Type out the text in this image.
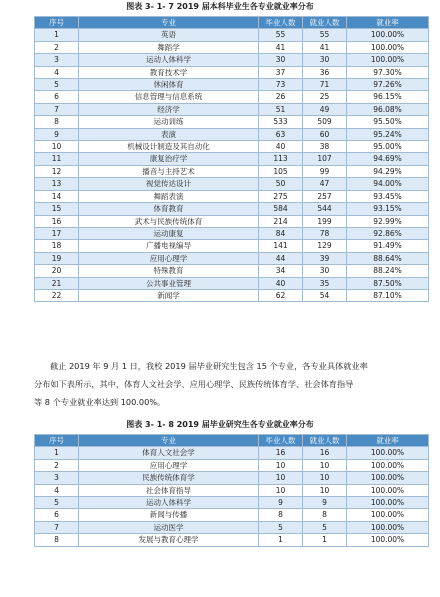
图表 3- 1- 7 2019 届本科毕业生各专业就业率分布
序号	专业	毕业人数	就业人数	就业率
1	英语	55	55	100.00%
2	舞蹈学	41	41	100.00%
3	运动人体科学	30	30	100.00%
4	教育技术学	37	36	97.30%
5	休闲体育	73	71	97.26%
6	信息管理与信息系统	26	25	96.15%
7	经济学	51	49	96.08%
8	运动训练	533	509	95.50%
9	表演	63	60	95.24%
10	机械设计制造及其自动化	40	38	95.00%
11	康复治疗学	113	107	94.69%
12	播音与主持艺术	105	99	94.29%
13	视觉传达设计	50	47	94.00%
14	舞蹈表演	275	257	93.45%
15	体育教育	584	544	93.15%
16	武术与民族传统体育	214	199	92.99%
17	运动康复	84	78	92.86%
18	广播电视编导	141	129	91.49%
19	应用心理学	44	39	88.64%
20	特殊教育	34	30	88.24%
21	公共事业管理	40	35	87.50%
22	新闻学	62	54	87.10%

截止 2019 年 9 月 1 日，我校 2019 届毕业研究生包含 15 个专业，各专业具体就业率

分布如下表所示，其中，体育人文社会学、应用心理学、民族传统体育学、社会体育指导

等 8 个专业就业率达到 100.00%。

图表 3- 1- 8 2019 届毕业研究生各专业就业率分布
序号	专业	毕业人数	就业人数	就业率
1	体育人文社会学	16	16	100.00%
2	应用心理学	10	10	100.00%
3	民族传统体育学	10	10	100.00%
4	社会体育指导	10	10	100.00%
5	运动人体科学	9	9	100.00%
6	新闻与传播	8	8	100.00%
7	运动医学	5	5	100.00%
8	发展与教育心理学	1	1	100.00%
